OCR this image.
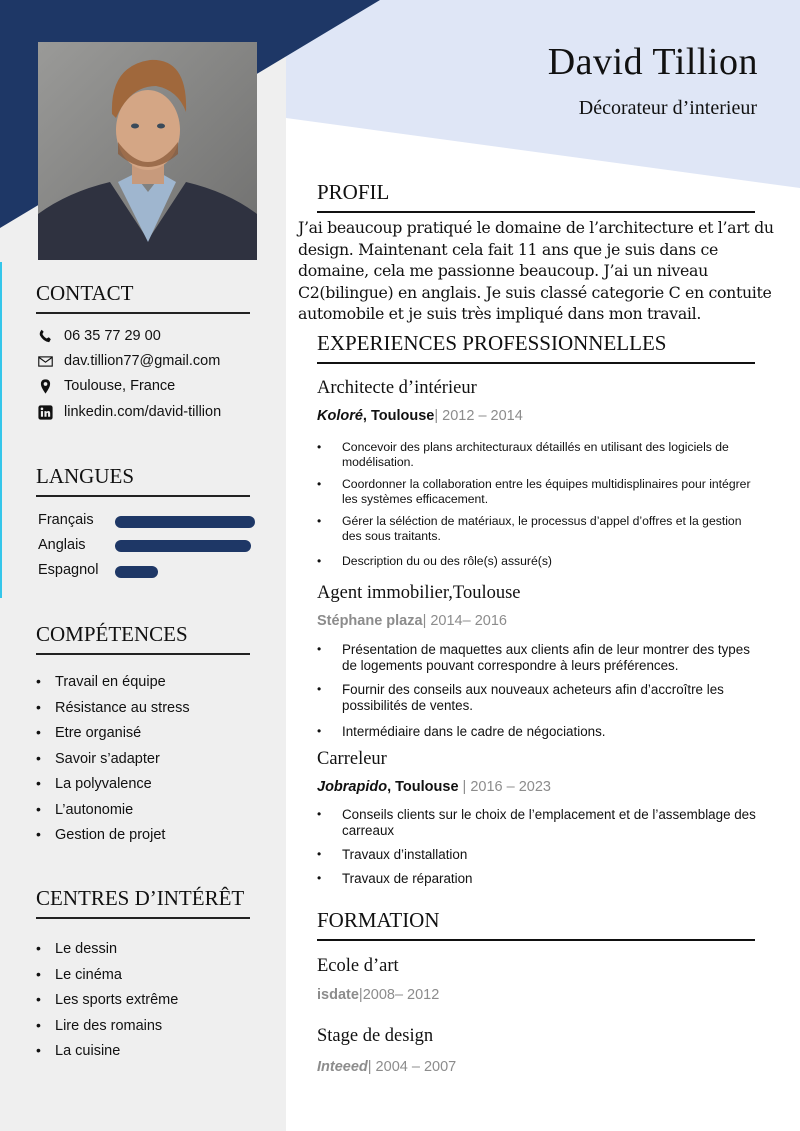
David Tillion
Décorateur d’interieur
CONTACT
06 35 77 29 00
dav.tillion77@gmail.com
Toulouse, France
linkedin.com/david-tillion
LANGUES
Français
Anglais
Espagnol
COMPÉTENCES
• Travail en équipe
• Résistance au stress
• Etre organisé
• Savoir s’adapter
• La polyvalence
• L’autonomie
• Gestion de projet
CENTRES D’INTÉRÊT
• Le dessin
• Le cinéma
• Les sports extrême
• Lire des romains
• La cuisine
PROFIL
J’ai beaucoup pratiqué le domaine de l’architecture et l’art du design. Maintenant cela fait 11 ans que je suis dans ce domaine, cela me passionne beaucoup. J’ai un niveau C2(bilingue) en anglais. Je suis classé categorie C en contuite automobile et je suis très impliqué dans mon travail.
EXPERIENCES PROFESSIONNELLES
Architecte d’intérieur
Koloré, Toulouse| 2012 – 2014
•	Concevoir des plans architecturaux détaillés en utilisant des logiciels de modélisation.
•	Coordonner la collaboration entre les équipes multidisplinaires pour intégrer les systèmes efficacement.
•	Gérer la séléction de matériaux, le processus d’appel d’offres et la gestion des sous traitants.
•	Description du ou des rôle(s) assuré(s)
Agent immobilier,Toulouse
Stéphane plaza| 2014– 2016
•	Présentation de maquettes aux clients afin de leur montrer des types de logements pouvant correspondre à leurs préférences.
•	Fournir des conseils aux nouveaux acheteurs afin d’accroître les possibilités de ventes.
•	Intermédiaire dans le cadre de négociations.
Carreleur
Jobrapido, Toulouse | 2016 – 2023
•	Conseils clients sur le choix de l’emplacement et de l’assemblage des carreaux
•	Travaux d’installation
•	Travaux de réparation
FORMATION
Ecole d’art
isdate|2008– 2012
Stage de design
Inteeed| 2004 – 2007
